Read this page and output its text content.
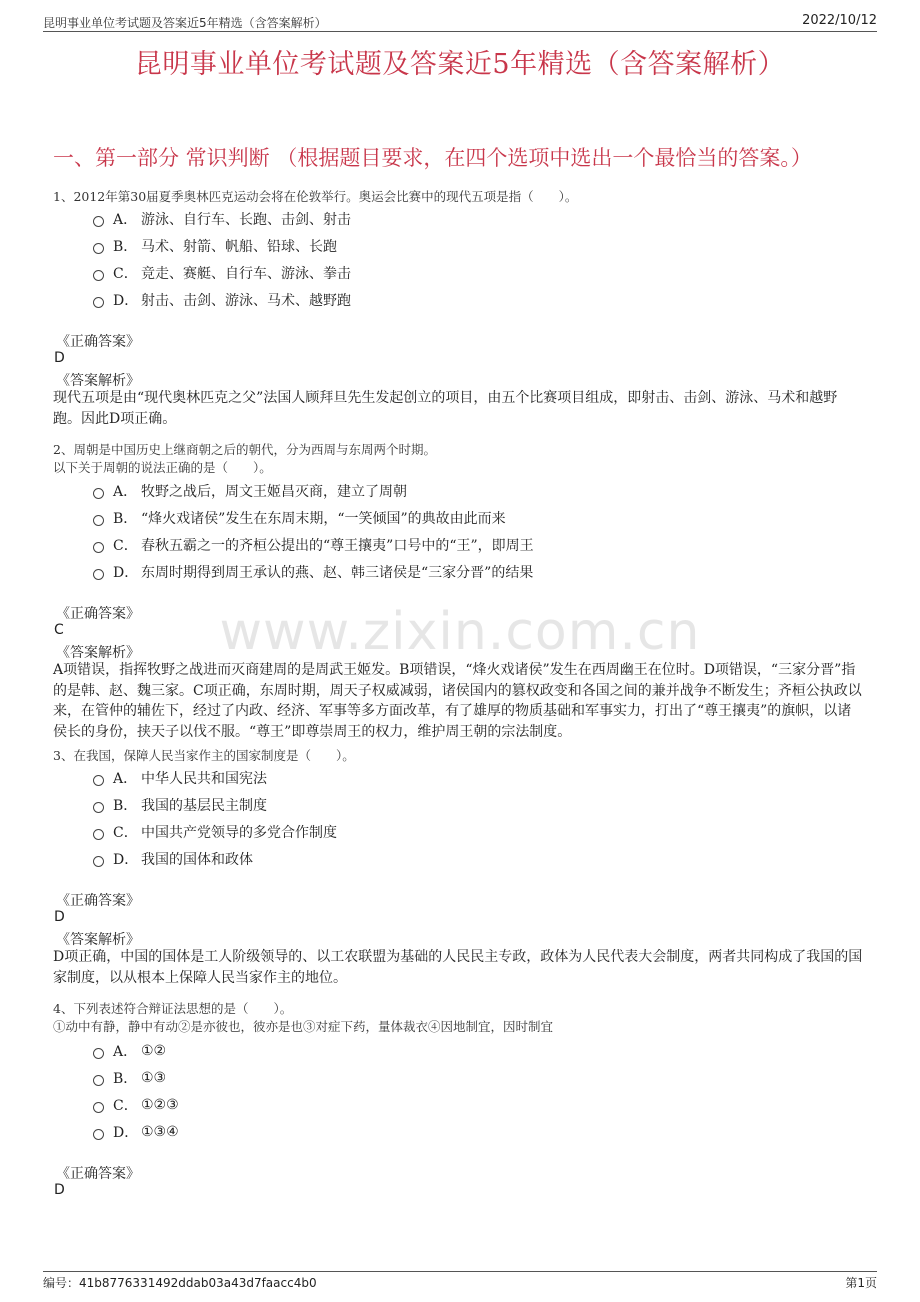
昆明事业单位考试题及答案近5年精选（含答案解析）	2022/10/12
昆明事业单位考试题及答案近5年精选（含答案解析）
一、第一部分 常识判断 （根据题目要求，在四个选项中选出一个最恰当的答案。）
www.zixin.com.cn
1、2012年第30届夏季奥林匹克运动会将在伦敦举行。奥运会比赛中的现代五项是指（　　）。
A． 游泳、自行车、长跑、击剑、射击
B． 马术、射箭、帆船、铅球、长跑
C． 竞走、赛艇、自行车、游泳、拳击
D． 射击、击剑、游泳、马术、越野跑
《正确答案》
D
《答案解析》
现代五项是由“现代奥林匹克之父”法国人顾拜旦先生发起创立的项目，由五个比赛项目组成，即射击、击剑、游泳、马术和越野跑。因此D项正确。
2、周朝是中国历史上继商朝之后的朝代，分为西周与东周两个时期。
以下关于周朝的说法正确的是（　　）。
A． 牧野之战后，周文王姬昌灭商，建立了周朝
B． “烽火戏诸侯”发生在东周末期，“一笑倾国”的典故由此而来
C． 春秋五霸之一的齐桓公提出的“尊王攘夷”口号中的“王”，即周王
D． 东周时期得到周王承认的燕、赵、韩三诸侯是“三家分晋”的结果
《正确答案》
C
《答案解析》
A项错误，指挥牧野之战进而灭商建周的是周武王姬发。B项错误，“烽火戏诸侯”发生在西周幽王在位时。D项错误，“三家分晋”指的是韩、赵、魏三家。C项正确，东周时期，周天子权威减弱，诸侯国内的篡权政变和各国之间的兼并战争不断发生；齐桓公执政以来，在管仲的辅佐下，经过了内政、经济、军事等多方面改革，有了雄厚的物质基础和军事实力，打出了“尊王攘夷”的旗帜，以诸侯长的身份，挟天子以伐不服。“尊王”即尊崇周王的权力，维护周王朝的宗法制度。
3、在我国，保障人民当家作主的国家制度是（　　）。
A． 中华人民共和国宪法
B． 我国的基层民主制度
C． 中国共产党领导的多党合作制度
D． 我国的国体和政体
《正确答案》
D
《答案解析》
D项正确，中国的国体是工人阶级领导的、以工农联盟为基础的人民民主专政，政体为人民代表大会制度，两者共同构成了我国的国家制度，以从根本上保障人民当家作主的地位。
4、下列表述符合辩证法思想的是（　　）。
①动中有静，静中有动②是亦彼也，彼亦是也③对症下药，量体裁衣④因地制宜，因时制宜
A． ①②
B． ①③
C． ①②③
D． ①③④
《正确答案》
D
编号：41b8776331492ddab03a43d7faacc4b0	第1页
